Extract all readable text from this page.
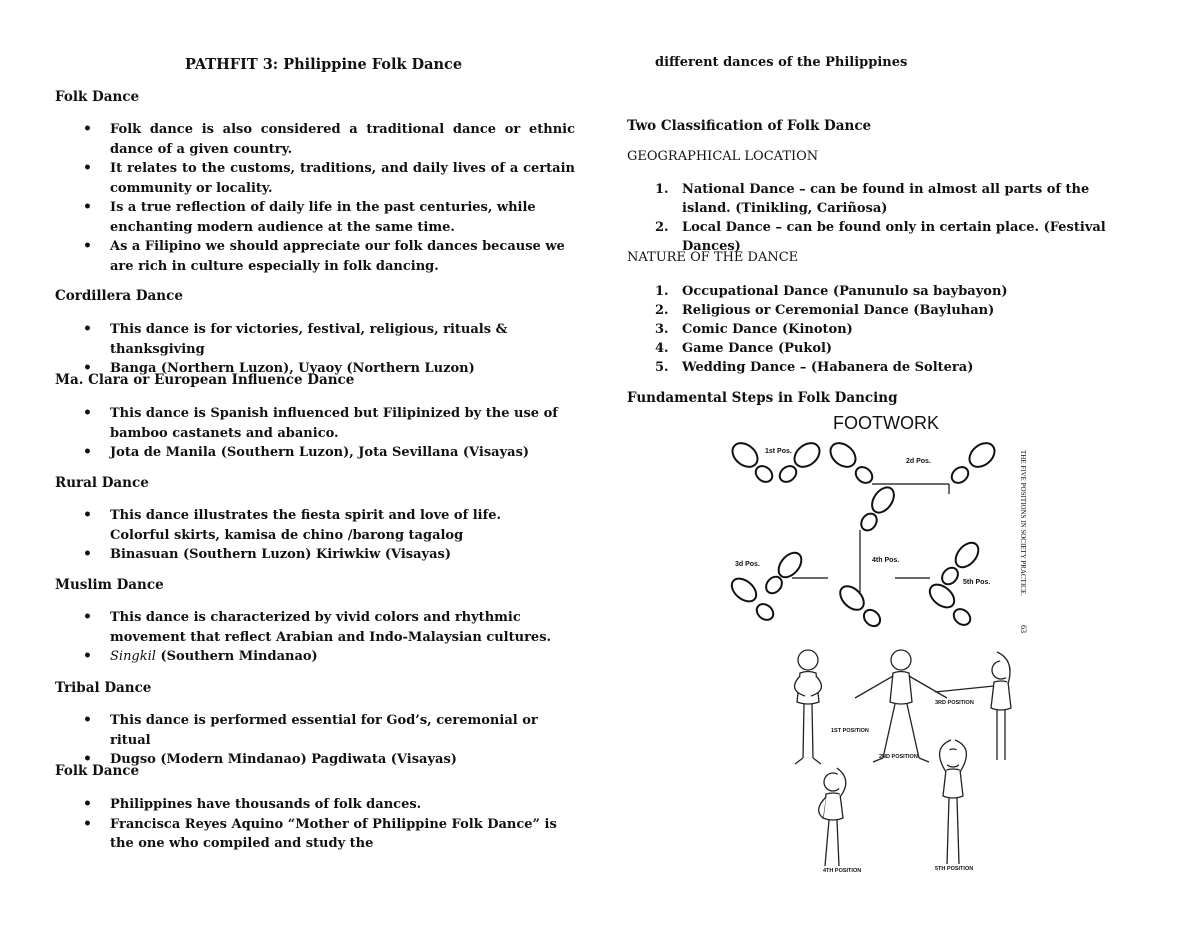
PATHFIT 3: Philippine Folk Dance
Folk Dance
• Folk dance is also considered a traditional dance or ethnic dance of a given country.
• It relates to the customs, traditions, and daily lives of a certain community or locality.
• Is a true reflection of daily life in the past centuries, while enchanting modern audience at the same time.
• As a Filipino we should appreciate our folk dances because we are rich in culture especially in folk dancing.
Cordillera Dance
• This dance is for victories, festival, religious, rituals & thanksgiving
• Banga (Northern Luzon), Uyaoy (Northern Luzon)
Ma. Clara or European Influence Dance
• This dance is Spanish influenced but Filipinized by the use of bamboo castanets and abanico.
• Jota de Manila (Southern Luzon), Jota Sevillana (Visayas)
Rural Dance
• This dance illustrates the fiesta spirit and love of life. Colorful skirts, kamisa de chino /barong tagalog
• Binasuan (Southern Luzon) Kiriwkiw (Visayas)
Muslim Dance
• This dance is characterized by vivid colors and rhythmic movement that reflect Arabian and Indo-Malaysian cultures.
• Singkil (Southern Mindanao)
Tribal Dance
• This dance is performed essential for God’s, ceremonial or ritual
• Dugso (Modern Mindanao) Pagdiwata (Visayas)
Folk Dance
• Philippines have thousands of folk dances.
• Francisca Reyes Aquino “Mother of Philippine Folk Dance” is the one who compiled and study the

different dances of the Philippines

Two Classification of Folk Dance
GEOGRAPHICAL LOCATION
1. National Dance – can be found in almost all parts of the island. (Tinikling, Cariñosa)
2. Local Dance – can be found only in certain place. (Festival Dances)
NATURE OF THE DANCE
1. Occupational Dance (Panunulo sa baybayon)
2. Religious or Ceremonial Dance (Bayluhan)
3. Comic Dance (Kinoton)
4. Game Dance (Pukol)
5. Wedding Dance – (Habanera de Soltera)
Fundamental Steps in Folk Dancing
FOOTWORK
1st Pos.
2d Pos.
3d Pos.
4th Pos.
5th Pos.	THE FIVE POSITIONS IN SOCIETY PRACTICE.
63
1ST POSITION
2ND POSITION
3RD POSITION
4TH POSITION	5TH POSITION
